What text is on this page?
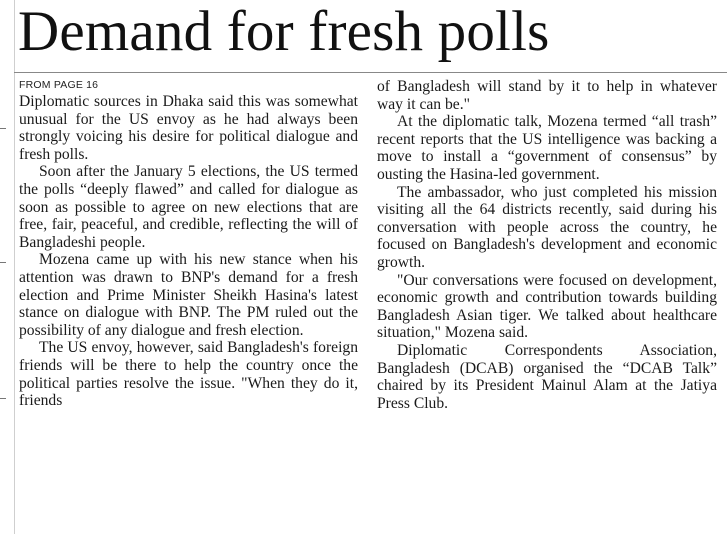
Demand for fresh polls
FROM PAGE 16

Diplomatic sources in Dhaka said this was somewhat unusual for the US envoy as he had always been strongly voicing his desire for political dialogue and fresh polls.

Soon after the January 5 elections, the US termed the polls “deeply flawed” and called for dialogue as soon as possible to agree on new elections that are free, fair, peaceful, and credible, reflecting the will of Bangladeshi people.

Mozena came up with his new stance when his attention was drawn to BNP's demand for a fresh election and Prime Minister Sheikh Hasina's latest stance on dialogue with BNP. The PM ruled out the possibility of any dialogue and fresh election.

The US envoy, however, said Bangladesh's foreign friends will be there to help the country once the political parties resolve the issue. "When they do it, friends

of Bangladesh will stand by it to help in whatever way it can be."

At the diplomatic talk, Mozena termed “all trash” recent reports that the US intelligence was backing a move to install a “government of consensus” by ousting the Hasina-led government.

The ambassador, who just completed his mission visiting all the 64 districts recently, said during his conversation with people across the country, he focused on Bangladesh's development and economic growth.

"Our conversations were focused on development, economic growth and contribution towards building Bangladesh Asian tiger. We talked about healthcare situation," Mozena said.

Diplomatic Correspondents Association, Bangladesh (DCAB) organised the “DCAB Talk” chaired by its President Mainul Alam at the Jatiya Press Club.
